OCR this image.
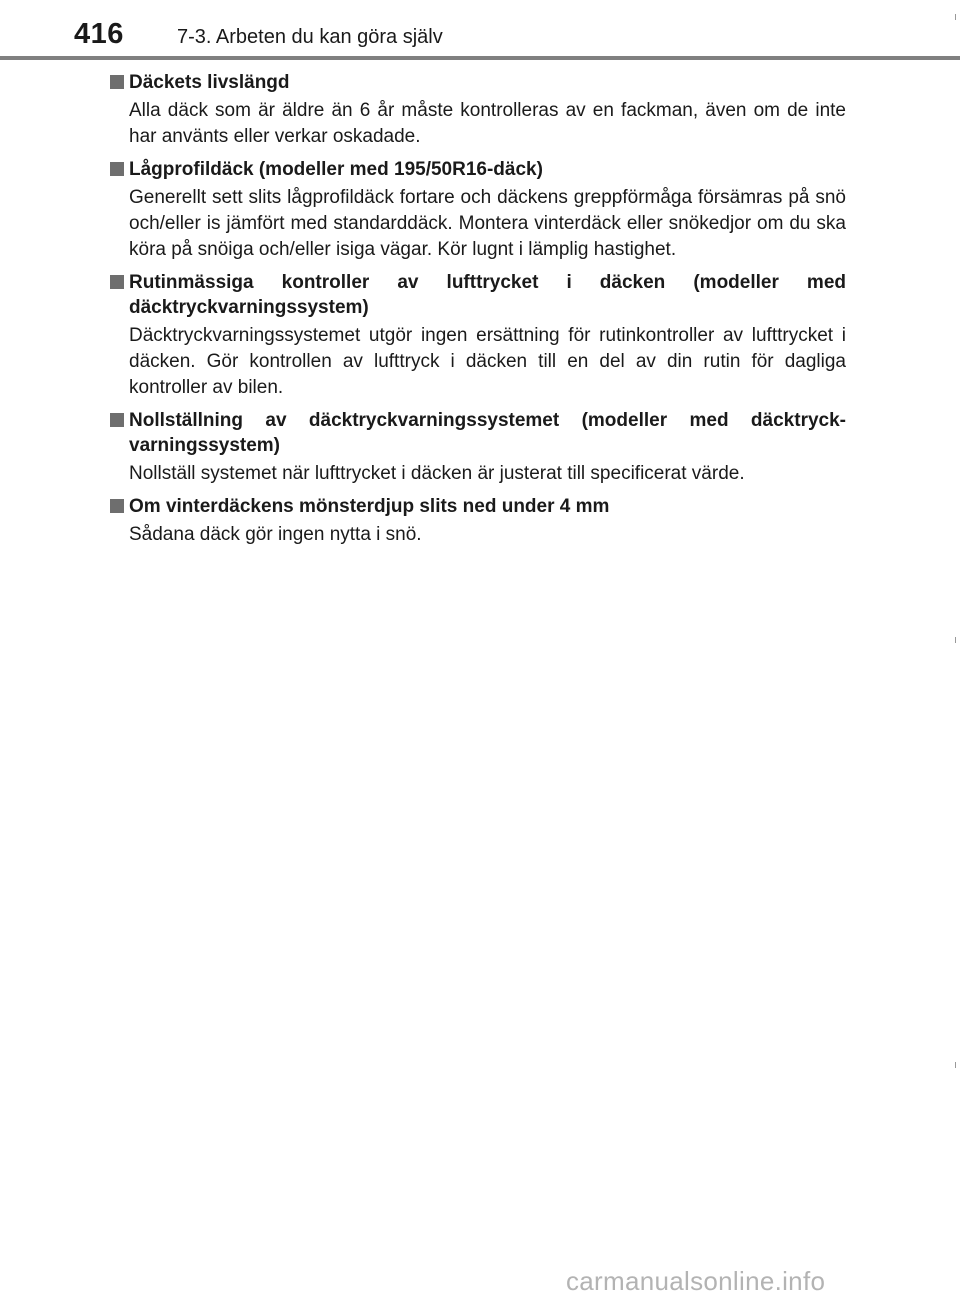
416	7-3. Arbeten du kan göra själv
Däckets livslängd
Alla däck som är äldre än 6 år måste kontrolleras av en fackman, även om de inte har använts eller verkar oskadade.
Lågprofildäck (modeller med 195/50R16-däck)
Generellt sett slits lågprofildäck fortare och däckens greppförmåga försämras på snö och/eller is jämfört med standarddäck. Montera vinterdäck eller snökedjor om du ska köra på snöiga och/eller isiga vägar. Kör lugnt i lämplig hastighet.
Rutinmässiga kontroller av lufttrycket i däcken (modeller med däcktryckvarningssystem)
Däcktryckvarningssystemet utgör ingen ersättning för rutinkontroller av lufttrycket i däcken. Gör kontrollen av lufttryck i däcken till en del av din rutin för dagliga kontroller av bilen.
Nollställning av däcktryckvarningssystemet (modeller med däcktryckvarningssystem)
Nollställ systemet när lufttrycket i däcken är justerat till specificerat värde.
Om vinterdäckens mönsterdjup slits ned under 4 mm
Sådana däck gör ingen nytta i snö.
carmanualsonline.info
